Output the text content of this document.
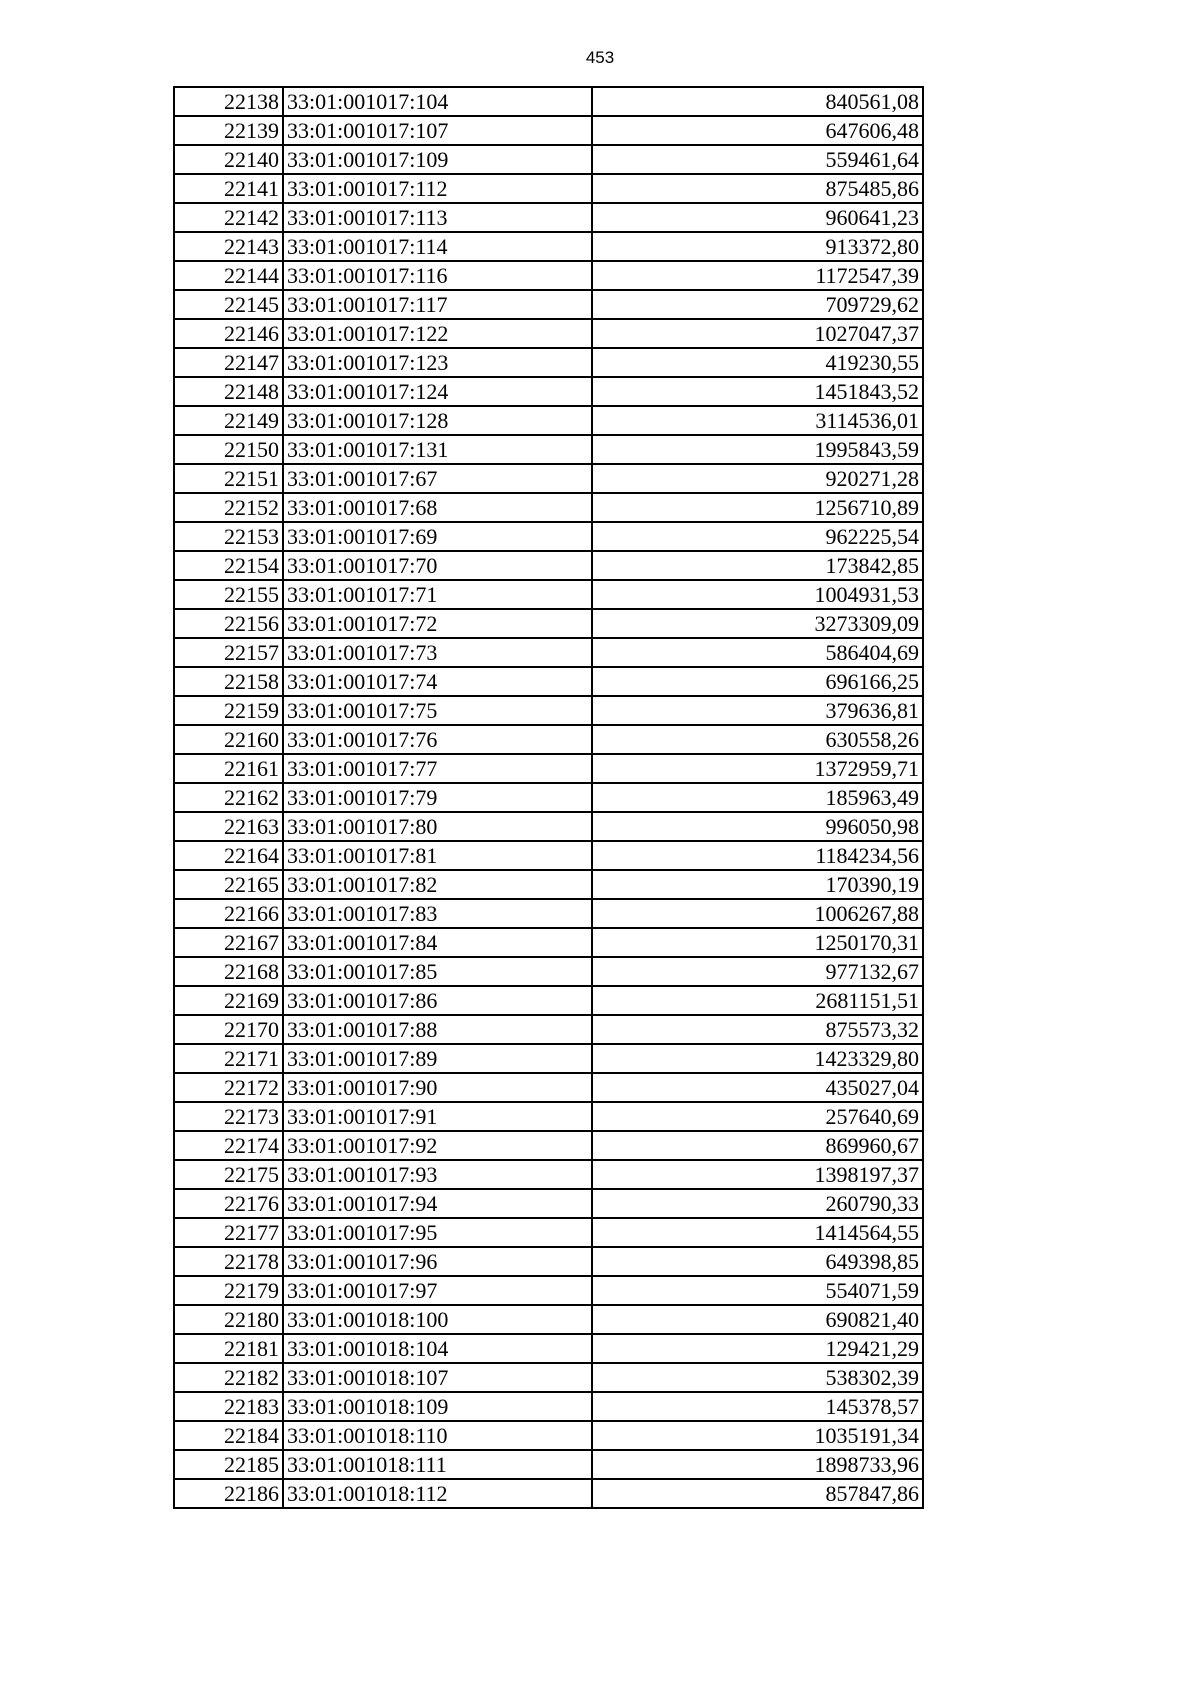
453
22138	33:01:001017:104	840561,08
22139	33:01:001017:107	647606,48
22140	33:01:001017:109	559461,64
22141	33:01:001017:112	875485,86
22142	33:01:001017:113	960641,23
22143	33:01:001017:114	913372,80
22144	33:01:001017:116	1172547,39
22145	33:01:001017:117	709729,62
22146	33:01:001017:122	1027047,37
22147	33:01:001017:123	419230,55
22148	33:01:001017:124	1451843,52
22149	33:01:001017:128	3114536,01
22150	33:01:001017:131	1995843,59
22151	33:01:001017:67	920271,28
22152	33:01:001017:68	1256710,89
22153	33:01:001017:69	962225,54
22154	33:01:001017:70	173842,85
22155	33:01:001017:71	1004931,53
22156	33:01:001017:72	3273309,09
22157	33:01:001017:73	586404,69
22158	33:01:001017:74	696166,25
22159	33:01:001017:75	379636,81
22160	33:01:001017:76	630558,26
22161	33:01:001017:77	1372959,71
22162	33:01:001017:79	185963,49
22163	33:01:001017:80	996050,98
22164	33:01:001017:81	1184234,56
22165	33:01:001017:82	170390,19
22166	33:01:001017:83	1006267,88
22167	33:01:001017:84	1250170,31
22168	33:01:001017:85	977132,67
22169	33:01:001017:86	2681151,51
22170	33:01:001017:88	875573,32
22171	33:01:001017:89	1423329,80
22172	33:01:001017:90	435027,04
22173	33:01:001017:91	257640,69
22174	33:01:001017:92	869960,67
22175	33:01:001017:93	1398197,37
22176	33:01:001017:94	260790,33
22177	33:01:001017:95	1414564,55
22178	33:01:001017:96	649398,85
22179	33:01:001017:97	554071,59
22180	33:01:001018:100	690821,40
22181	33:01:001018:104	129421,29
22182	33:01:001018:107	538302,39
22183	33:01:001018:109	145378,57
22184	33:01:001018:110	1035191,34
22185	33:01:001018:111	1898733,96
22186	33:01:001018:112	857847,86
